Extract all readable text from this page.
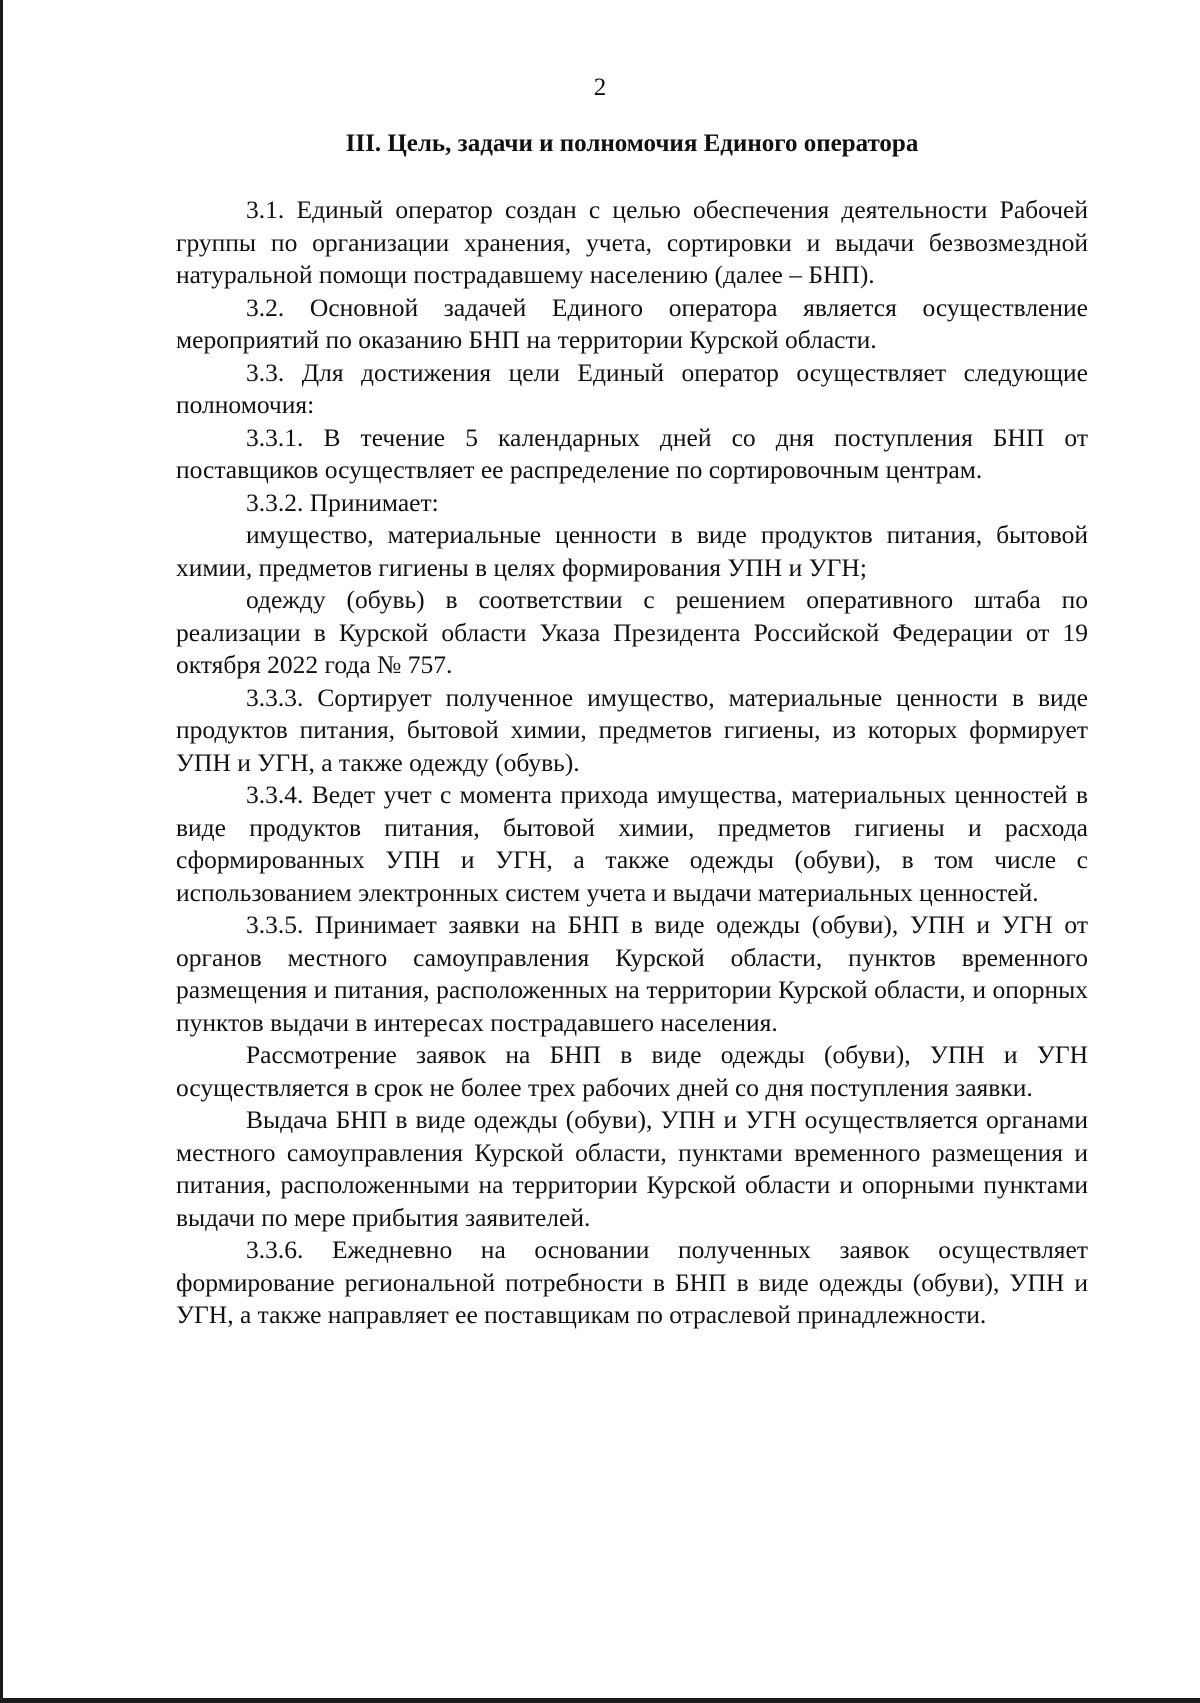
2
III. Цель, задачи и полномочия Единого оператора

3.1. Единый оператор создан с целью обеспечения деятельности Рабочей группы по организации хранения, учета, сортировки и выдачи безвозмездной натуральной помощи пострадавшему населению (далее – БНП).

3.2. Основной задачей Единого оператора является осуществление мероприятий по оказанию БНП на территории Курской области.

3.3. Для достижения цели Единый оператор осуществляет следующие полномочия:

3.3.1. В течение 5 календарных дней со дня поступления БНП от поставщиков осуществляет ее распределение по сортировочным центрам.

3.3.2. Принимает:

имущество, материальные ценности в виде продуктов питания, бытовой химии, предметов гигиены в целях формирования УПН и УГН;

одежду (обувь) в соответствии с решением оперативного штаба по реализации в Курской области Указа Президента Российской Федерации от 19 октября 2022 года № 757.

3.3.3. Сортирует полученное имущество, материальные ценности в виде продуктов питания, бытовой химии, предметов гигиены, из которых формирует УПН и УГН, а также одежду (обувь).

3.3.4. Ведет учет с момента прихода имущества, материальных ценностей в виде продуктов питания, бытовой химии, предметов гигиены и расхода сформированных УПН и УГН, а также одежды (обуви), в том числе с использованием электронных систем учета и выдачи материальных ценностей.

3.3.5. Принимает заявки на БНП в виде одежды (обуви), УПН и УГН от органов местного самоуправления Курской области, пунктов временного размещения и питания, расположенных на территории Курской области, и опорных пунктов выдачи в интересах пострадавшего населения.

Рассмотрение заявок на БНП в виде одежды (обуви), УПН и УГН осуществляется в срок не более трех рабочих дней со дня поступления заявки.

Выдача БНП в виде одежды (обуви), УПН и УГН осуществляется органами местного самоуправления Курской области, пунктами временного размещения и питания, расположенными на территории Курской области и опорными пунктами выдачи по мере прибытия заявителей.

3.3.6. Ежедневно на основании полученных заявок осуществляет формирование региональной потребности в БНП в виде одежды (обуви), УПН и УГН, а также направляет ее поставщикам по отраслевой принадлежности.
